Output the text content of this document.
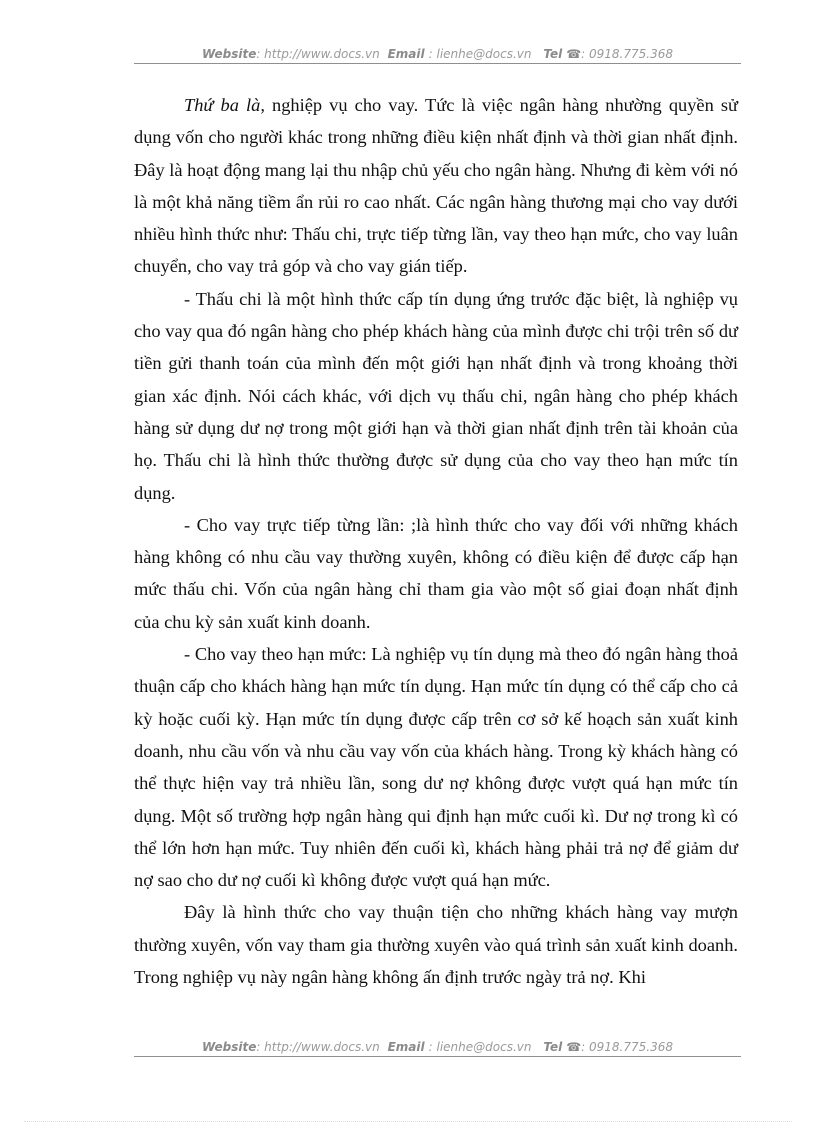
Website: http://www.docs.vn Email : lienhe@docs.vn Tel ☎: 0918.775.368

Thứ ba là, nghiệp vụ cho vay. Tức là việc ngân hàng nhường quyền sử dụng vốn cho người khác trong những điều kiện nhất định và thời gian nhất định. Đây là hoạt động mang lại thu nhập chủ yếu cho ngân hàng. Nhưng đi kèm với nó là một khả năng tiềm ẩn rủi ro cao nhất. Các ngân hàng thương mại cho vay dưới nhiều hình thức như: Thấu chi, trực tiếp từng lần, vay theo hạn mức, cho vay luân chuyển, cho vay trả góp và cho vay gián tiếp.

- Thấu chi là một hình thức cấp tín dụng ứng trước đặc biệt, là nghiệp vụ cho vay qua đó ngân hàng cho phép khách hàng của mình được chi trội trên số dư tiền gửi thanh toán của mình đến một giới hạn nhất định và trong khoảng thời gian xác định. Nói cách khác, với dịch vụ thấu chi, ngân hàng cho phép khách hàng sử dụng dư nợ trong một giới hạn và thời gian nhất định trên tài khoản của họ. Thấu chi là hình thức thường được sử dụng của cho vay theo hạn mức tín dụng.

- Cho vay trực tiếp từng lần: ;là hình thức cho vay đối với những khách hàng không có nhu cầu vay thường xuyên, không có điều kiện để được cấp hạn mức thấu chi. Vốn của ngân hàng chỉ tham gia vào một số giai đoạn nhất định của chu kỳ sản xuất kinh doanh.

- Cho vay theo hạn mức: Là nghiệp vụ tín dụng mà theo đó ngân hàng thoả thuận cấp cho khách hàng hạn mức tín dụng. Hạn mức tín dụng có thể cấp cho cả kỳ hoặc cuối kỳ. Hạn mức tín dụng được cấp trên cơ sở kế hoạch sản xuất kinh doanh, nhu cầu vốn và nhu cầu vay vốn của khách hàng. Trong kỳ khách hàng có thể thực hiện vay trả nhiều lần, song dư nợ không được vượt quá hạn mức tín dụng. Một số trường hợp ngân hàng qui định hạn mức cuối kì. Dư nợ trong kì có thể lớn hơn hạn mức. Tuy nhiên đến cuối kì, khách hàng phải trả nợ để giảm dư nợ sao cho dư nợ cuối kì không được vượt quá hạn mức.

Đây là hình thức cho vay thuận tiện cho những khách hàng vay mượn thường xuyên, vốn vay tham gia thường xuyên vào quá trình sản xuất kinh doanh. Trong nghiệp vụ này ngân hàng không ấn định trước ngày trả nợ. Khi

Website: http://www.docs.vn Email : lienhe@docs.vn Tel ☎: 0918.775.368
